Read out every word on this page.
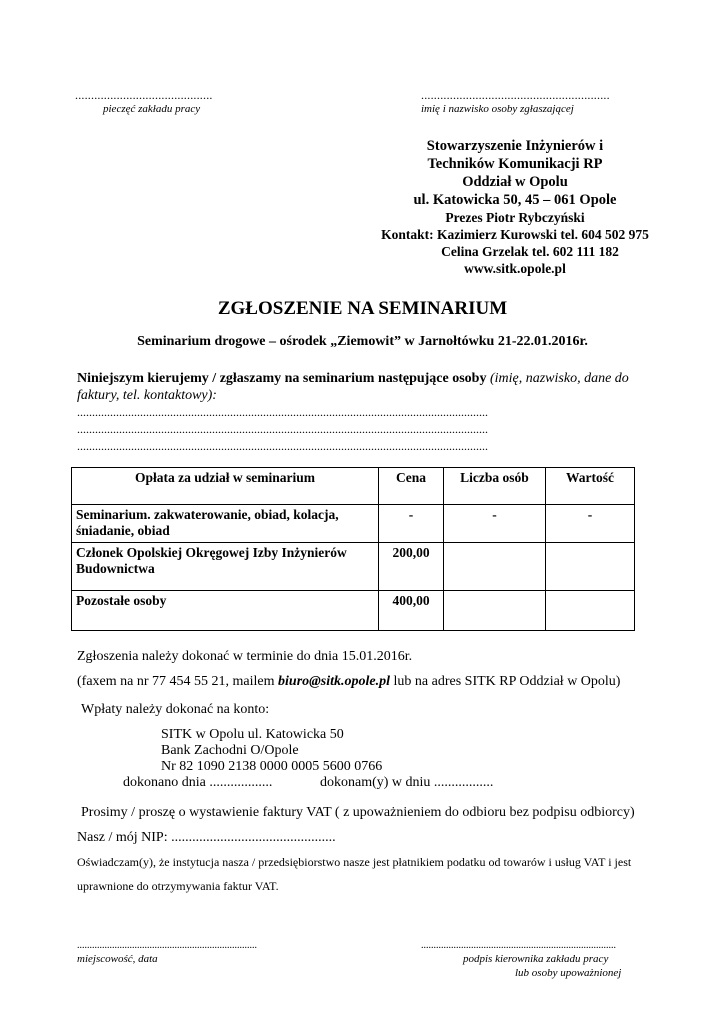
...........................................
pieczęć zakładu pracy
...........................................................
imię i nazwisko osoby zgłaszającej
Stowarzyszenie Inżynierów i
Techników Komunikacji RP
Oddział w Opolu
ul. Katowicka 50, 45 – 061 Opole
Prezes Piotr Rybczyński
Kontakt: Kazimierz Kurowski tel. 604 502 975
Celina Grzelak tel. 602 111 182
www.sitk.opole.pl
ZGŁOSZENIE NA SEMINARIUM
Seminarium drogowe – ośrodek „Ziemowit” w Jarnołtówku 21-22.01.2016r.
Niniejszym kierujemy / zgłaszamy na seminarium następujące osoby (imię, nazwisko, dane do faktury, tel. kontaktowy):
.........................................................................................................................................
.........................................................................................................................................
.........................................................................................................................................
Opłata za udział w seminarium	Cena	Liczba osób	Wartość
Seminarium. zakwaterowanie, obiad, kolacja, śniadanie, obiad	-	-	-
Członek Opolskiej Okręgowej Izby Inżynierów Budownictwa	200,00		
Pozostałe osoby	400,00		
Zgłoszenia należy dokonać w terminie do dnia 15.01.2016r.
(faxem na nr 77 454 55 21, mailem biuro@sitk.opole.pl lub na adres SITK RP Oddział w Opolu)
Wpłaty należy dokonać na konto:
SITK w Opolu ul. Katowicka 50
Bank Zachodni O/Opole
Nr 82 1090 2138 0000 0005 5600 0766
dokonano dnia ..................	dokonam(y) w dniu .................
Prosimy / proszę o wystawienie faktury VAT ( z upoważnieniem do odbioru bez podpisu odbiorcy)
Nasz / mój NIP: ...............................................
Oświadczam(y), że instytucja nasza / przedsiębiorstwo nasze jest płatnikiem podatku od towarów i usług VAT i jest
uprawnione do otrzymywania faktur VAT.
........................................................................
miejscowość, data
..............................................................................
podpis kierownika zakładu pracy
lub osoby upoważnionej
